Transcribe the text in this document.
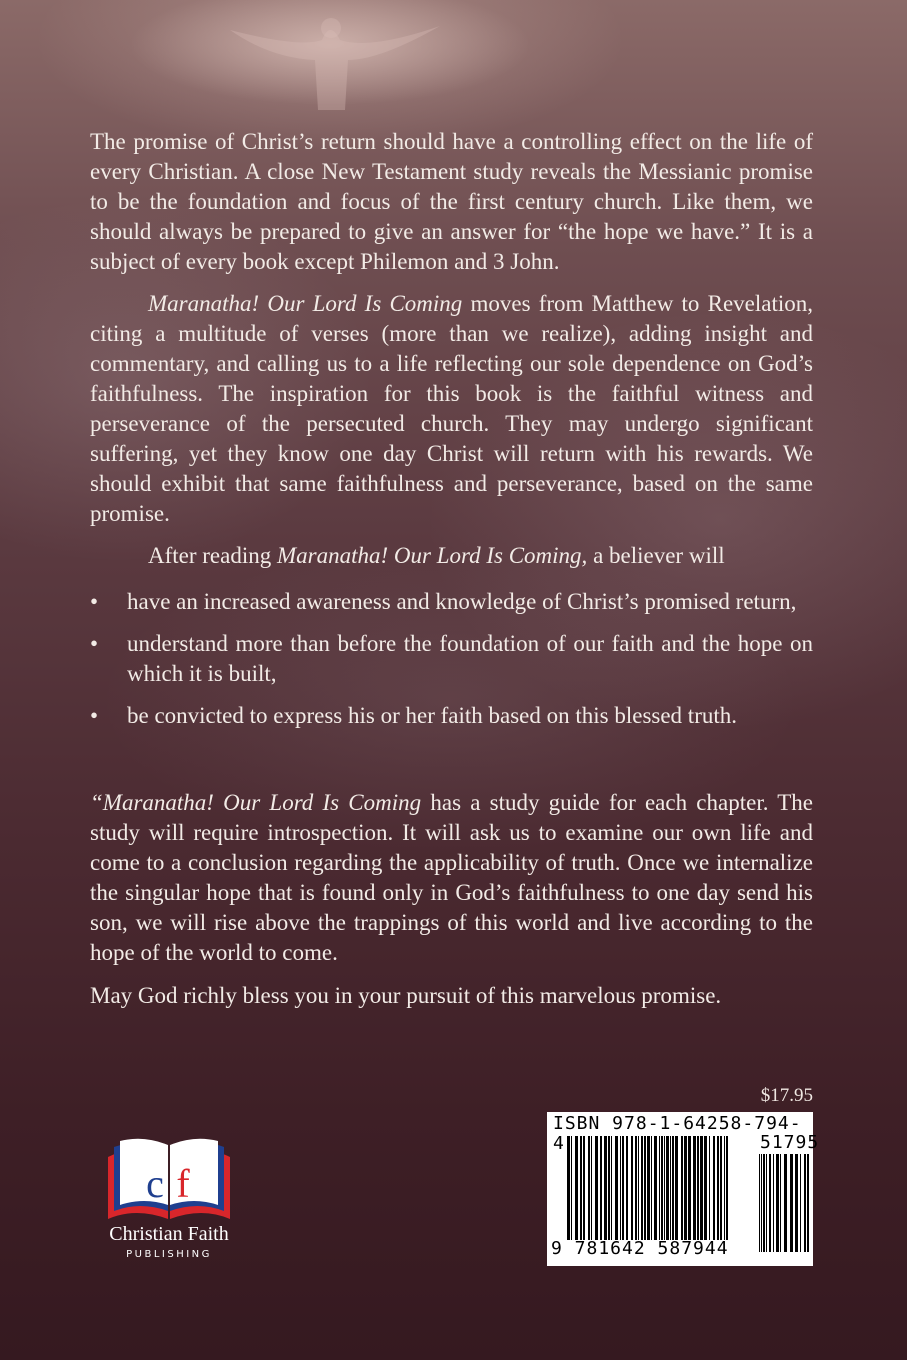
The promise of Christ’s return should have a controlling effect on the life of every Christian. A close New Testament study reveals the Messianic promise to be the foundation and focus of the first century church. Like them, we should always be prepared to give an answer for “the hope we have.” It is a subject of every book except Philemon and 3 John.

Maranatha! Our Lord Is Coming moves from Matthew to Revelation, citing a multitude of verses (more than we realize), adding insight and commentary, and calling us to a life reflecting our sole dependence on God’s faithfulness. The inspiration for this book is the faithful witness and perseverance of the persecuted church. They may undergo significant suffering, yet they know one day Christ will return with his rewards. We should exhibit that same faithfulness and perseverance, based on the same promise.

After reading Maranatha! Our Lord Is Coming, a believer will

• have an increased awareness and knowledge of Christ’s promised return,
• understand more than before the foundation of our faith and the hope on which it is built,
• be convicted to express his or her faith based on this blessed truth.

“Maranatha! Our Lord Is Coming has a study guide for each chapter. The study will require introspection. It will ask us to examine our own life and come to a conclusion regarding the applicability of truth. Once we internalize the singular hope that is found only in God’s faithfulness to one day send his son, we will rise above the trappings of this world and live according to the hope of the world to come.

May God richly bless you in your pursuit of this marvelous promise.

$17.95
ISBN 978-1-64258-794-4	51795
9 781642 587944
c f
Christian Faith
PUBLISHING
